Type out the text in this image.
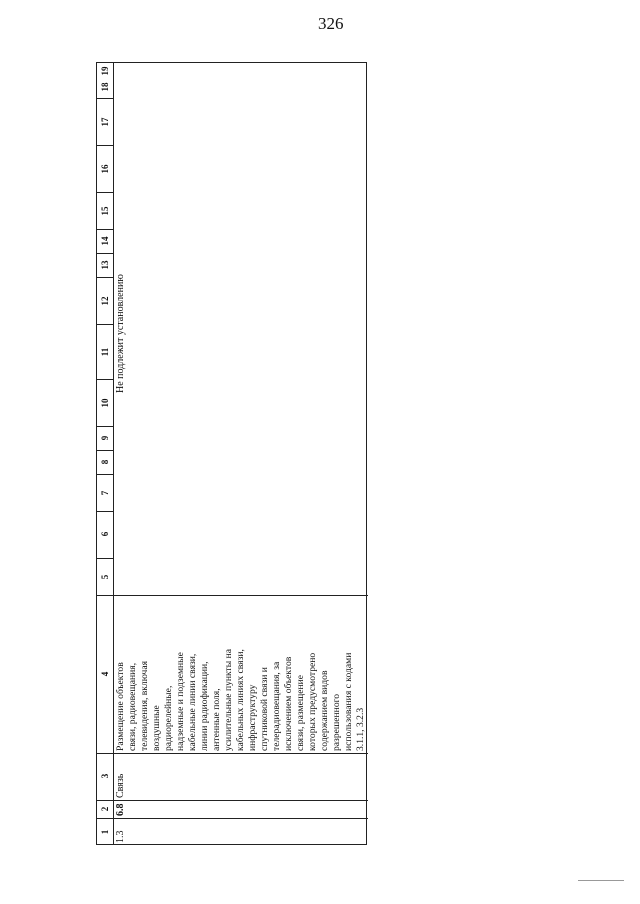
326
1
2
3
4
5
6
7
8
9
10
11
12
13
14
15
16
17
18
19
1.3
6.8
Связь
Размещение объектов связи, радиовещания, телевидения, включая воздушные радиорелейные, надземные и подземные кабельные линии связи, линии радиофикации, антенные поля, усилительные пункты на кабельных линиях связи, инфраструктуру спутниковой связи и телерадиовещания, за исключением объектов связи, размещение которых предусмотрено содержанием видов разрешенного использования с кодами 3.1.1, 3.2.3
Не подлежит установлению
